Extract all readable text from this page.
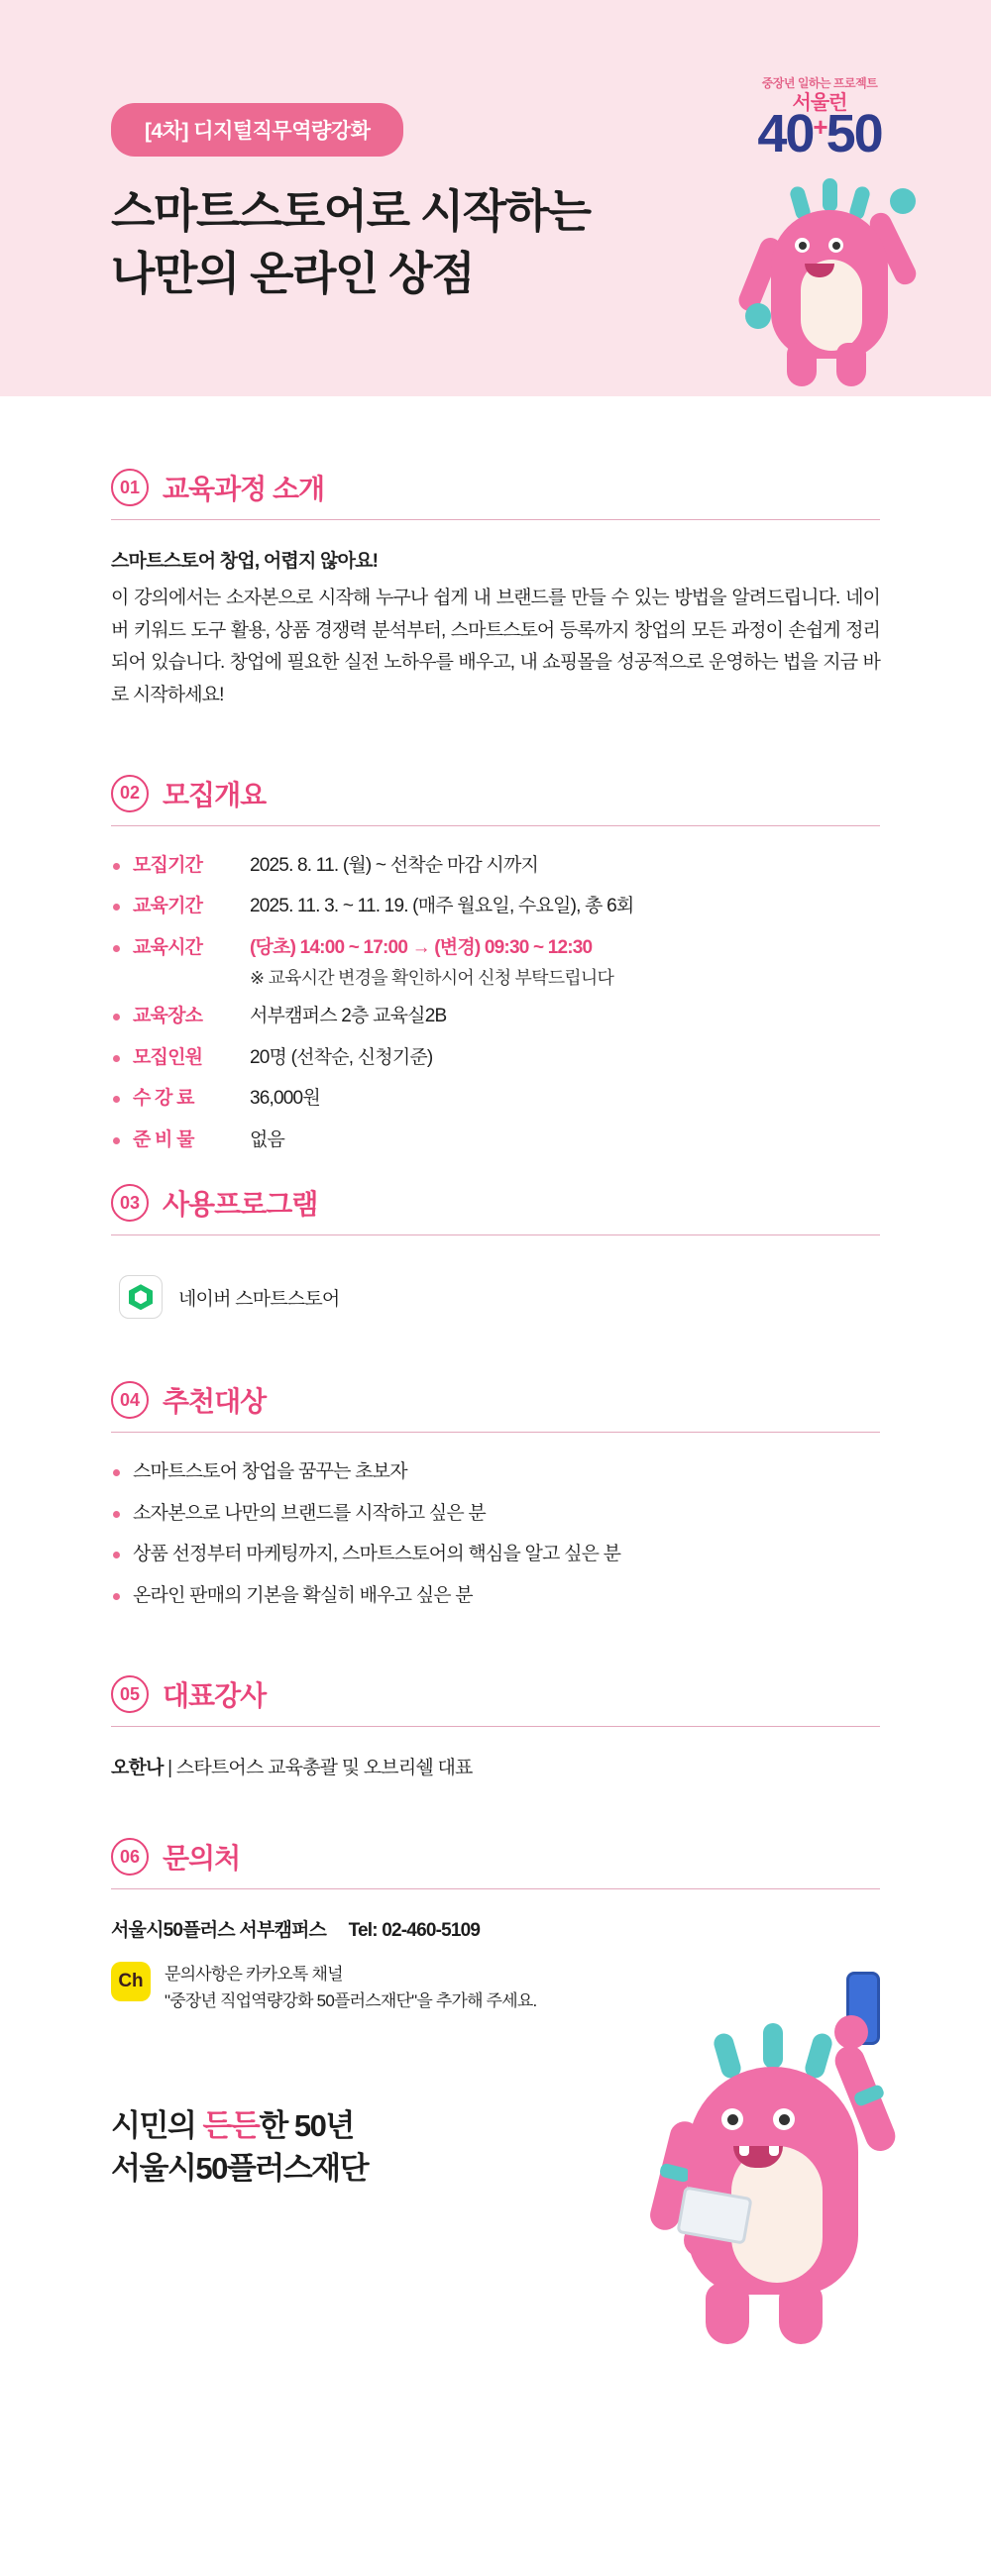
[4차] 디지털직무역량강화
스마트스토어로 시작하는
나만의 온라인 상점
중장년 일하는 프로젝트
서울런
40+50
01 교육과정 소개
스마트스토어 창업, 어렵지 않아요!
이 강의에서는 소자본으로 시작해 누구나 쉽게 내 브랜드를 만들 수 있는 방법을 알려드립니다. 네이버 키워드 도구 활용, 상품 경쟁력 분석부터, 스마트스토어 등록까지 창업의 모든 과정이 손쉽게 정리되어 있습니다. 창업에 필요한 실전 노하우를 배우고, 내 쇼핑몰을 성공적으로 운영하는 법을 지금 바로 시작하세요!
02 모집개요
모집기간	2025. 8. 11. (월) ~ 선착순 마감 시까지
교육기간	2025. 11. 3. ~ 11. 19. (매주 월요일, 수요일), 총 6회
교육시간	(당초) 14:00 ~ 17:00 → (변경) 09:30 ~ 12:30
※ 교육시간 변경을 확인하시어 신청 부탁드립니다
교육장소	서부캠퍼스 2층 교육실2B
모집인원	20명 (선착순, 신청기준)
수 강 료	36,000원
준 비 물	없음
03 사용프로그램
네이버 스마트스토어
04 추천대상
스마트스토어 창업을 꿈꾸는 초보자
소자본으로 나만의 브랜드를 시작하고 싶은 분
상품 선정부터 마케팅까지, 스마트스토어의 핵심을 알고 싶은 분
온라인 판매의 기본을 확실히 배우고 싶은 분
05 대표강사
오한나 | 스타트어스 교육총괄 및 오브리쉘 대표
06 문의처
서울시50플러스 서부캠퍼스 Tel: 02-460-5109
Ch	문의사항은 카카오톡 채널
"중장년 직업역량강화 50플러스재단"을 추가해 주세요.
시민의 든든한 50년
서울시50플러스재단
